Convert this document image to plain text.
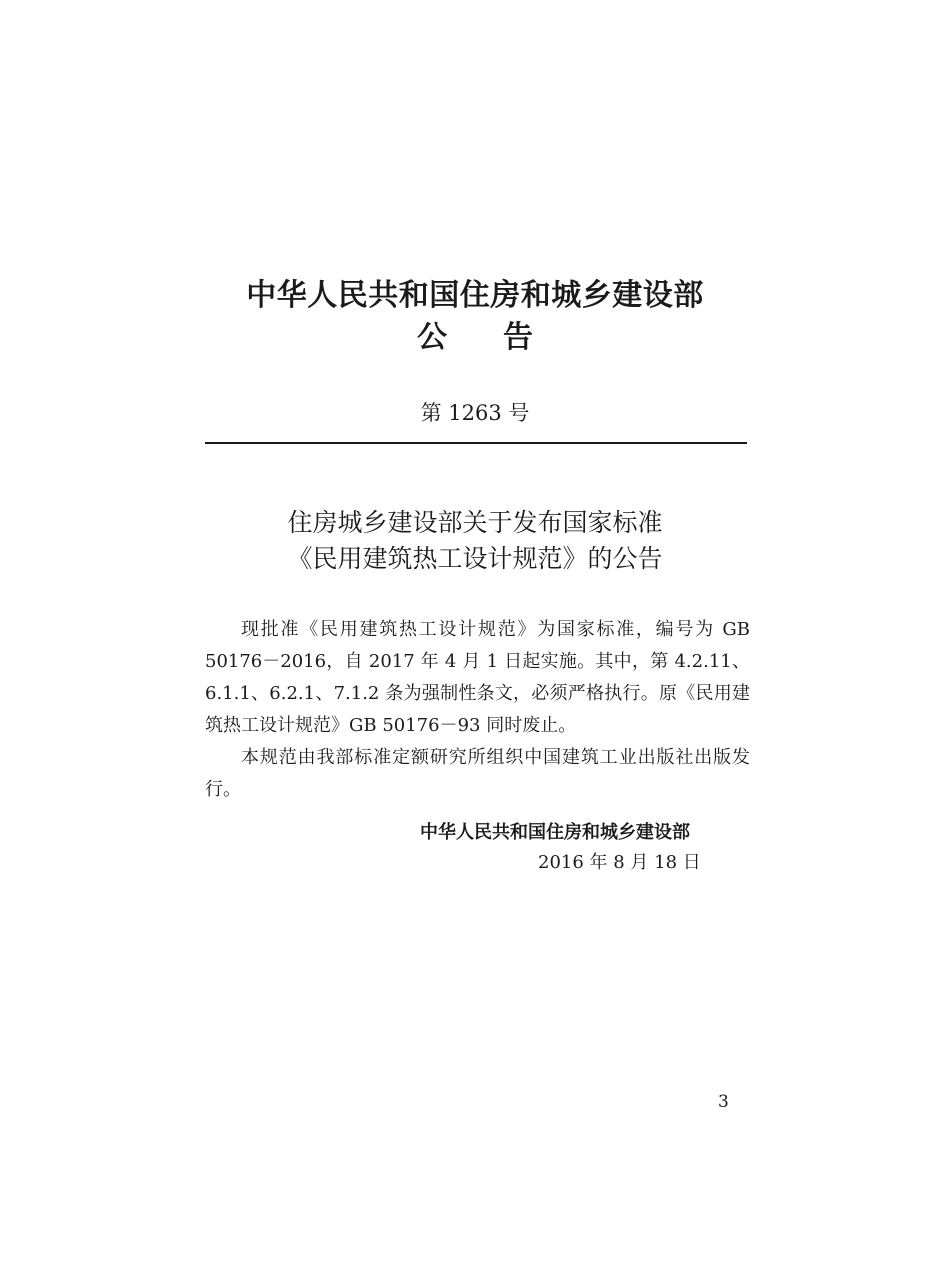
中华人民共和国住房和城乡建设部
公告
第 1263 号
住房城乡建设部关于发布国家标准
《民用建筑热工设计规范》的公告

现批准《民用建筑热工设计规范》为国家标准，编号为 GB 50176－2016，自 2017 年 4 月 1 日起实施。其中，第 4.2.11、6.1.1、6.2.1、7.1.2 条为强制性条文，必须严格执行。原《民用建筑热工设计规范》GB 50176－93 同时废止。

本规范由我部标准定额研究所组织中国建筑工业出版社出版发行。

中华人民共和国住房和城乡建设部
2016 年 8 月 18 日
3
